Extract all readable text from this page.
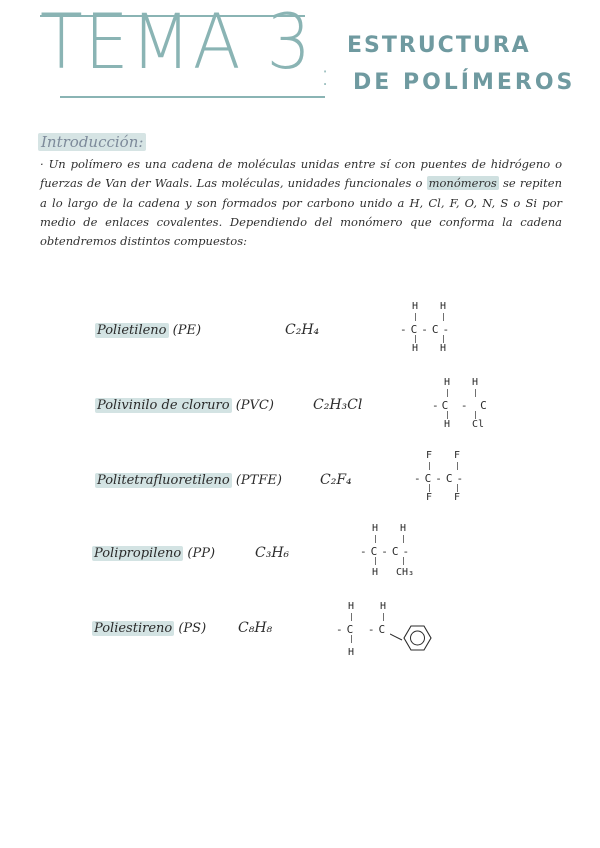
TEMA 3 :
ESTRUCTURA
DE POLÍMEROS
Introducción:
· Un polímero es una cadena de moléculas unidas entre sí con puentes de hidrógeno o fuerzas de Van der Waals. Las moléculas, unidades funcionales o monómeros se repiten a lo largo de la cadena y son formados por carbono unido a H, Cl, F, O, N, S o Si por medio de enlaces covalentes. Dependiendo del monómero que conforma la cadena obtendremos distintos compuestos:
Polietileno (PE)	C₂H₄
H H
|	|
-C-C-
|	|
H H
Polivinilo de cloruro (PVC)	C₂H₃Cl
H H
|	|
-C - C
|	|
H Cl
Politetrafluoretileno (PTFE)	C₂F₄
F F
|	|
-C-C-
|	|
F F
Polipropileno (PP)	C₃H₆
H H
|	|
-C-C-
|	|
H CH₃
Poliestireno (PS) C₈H₈
H	H
|	|
-C -C
|
H
